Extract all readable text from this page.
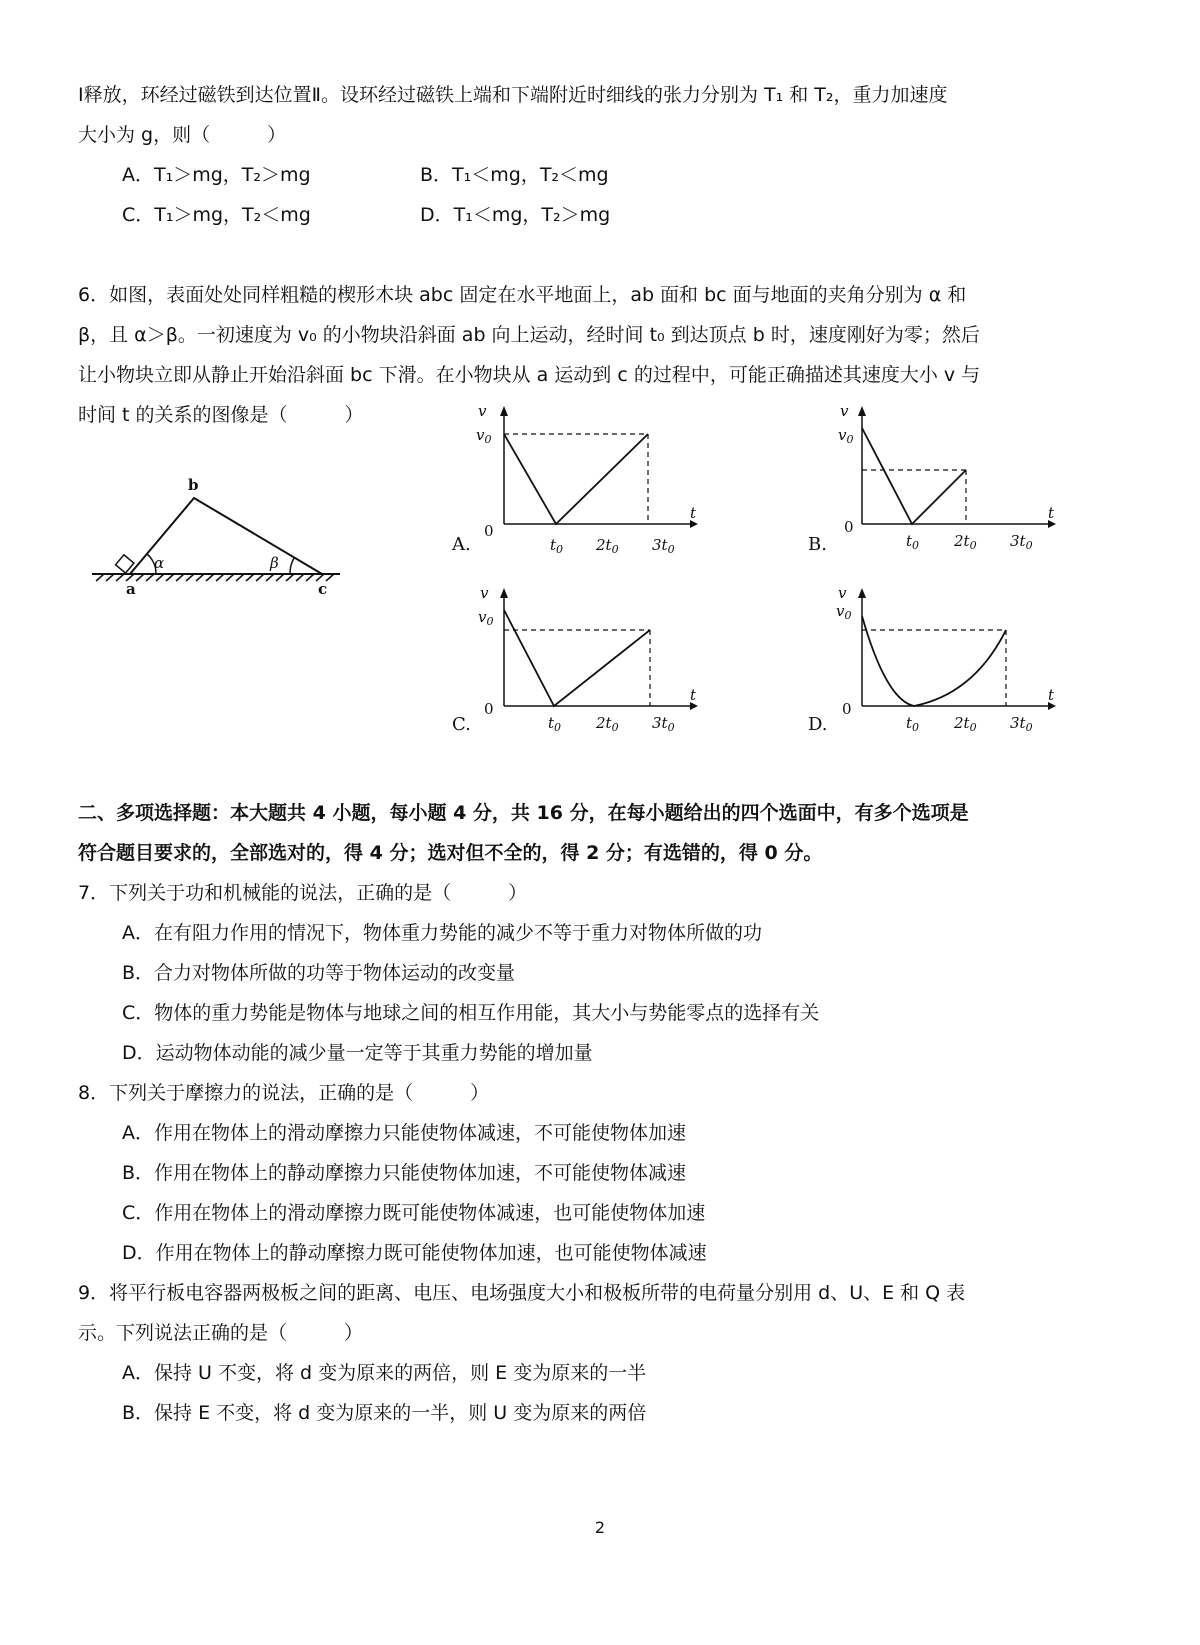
Ⅰ释放，环经过磁铁到达位置Ⅱ。设环经过磁铁上端和下端附近时细线的张力分别为 T₁ 和 T₂，重力加速度
大小为 g，则（　　　）
A．T₁＞mg，T₂＞mg	B．T₁＜mg，T₂＜mg
C．T₁＞mg，T₂＜mg	D．T₁＜mg，T₂＞mg
6．如图，表面处处同样粗糙的楔形木块 abc 固定在水平地面上，ab 面和 bc 面与地面的夹角分别为 α 和
β，且 α＞β。一初速度为 v₀ 的小物块沿斜面 ab 向上运动，经时间 t₀ 到达顶点 b 时，速度刚好为零；然后
让小物块立即从静止开始沿斜面 bc 下滑。在小物块从 a 运动到 c 的过程中，可能正确描述其速度大小 v 与
时间 t 的关系的图像是（　　　）
b
a	c
α	β
A.
v
$v_0$
0
$t_0$ $2t_0$ $3t_0$
t
B.
v
$v_0$
0
$t_0$ $2t_0$ $3t_0$
t
C.
v
$v_0$
0
$t_0$ $2t_0$ $3t_0$
t
D.
v
$v_0$
0
$t_0$ $2t_0$ $3t_0$
t
二、多项选择题：本大题共 4 小题，每小题 4 分，共 16 分，在每小题给出的四个选面中，有多个选项是
符合题目要求的，全部选对的，得 4 分；选对但不全的，得 2 分；有选错的，得 0 分。
7．下列关于功和机械能的说法，正确的是（　　　）
A．在有阻力作用的情况下，物体重力势能的减少不等于重力对物体所做的功
B．合力对物体所做的功等于物体运动的改变量
C．物体的重力势能是物体与地球之间的相互作用能，其大小与势能零点的选择有关
D．运动物体动能的减少量一定等于其重力势能的增加量
8．下列关于摩擦力的说法，正确的是（　　　）
A．作用在物体上的滑动摩擦力只能使物体减速，不可能使物体加速
B．作用在物体上的静动摩擦力只能使物体加速，不可能使物体减速
C．作用在物体上的滑动摩擦力既可能使物体减速，也可能使物体加速
D．作用在物体上的静动摩擦力既可能使物体加速，也可能使物体减速
9．将平行板电容器两极板之间的距离、电压、电场强度大小和极板所带的电荷量分别用 d、U、E 和 Q 表
示。下列说法正确的是（　　　）
A．保持 U 不变，将 d 变为原来的两倍，则 E 变为原来的一半
B．保持 E 不变，将 d 变为原来的一半，则 U 变为原来的两倍
2
